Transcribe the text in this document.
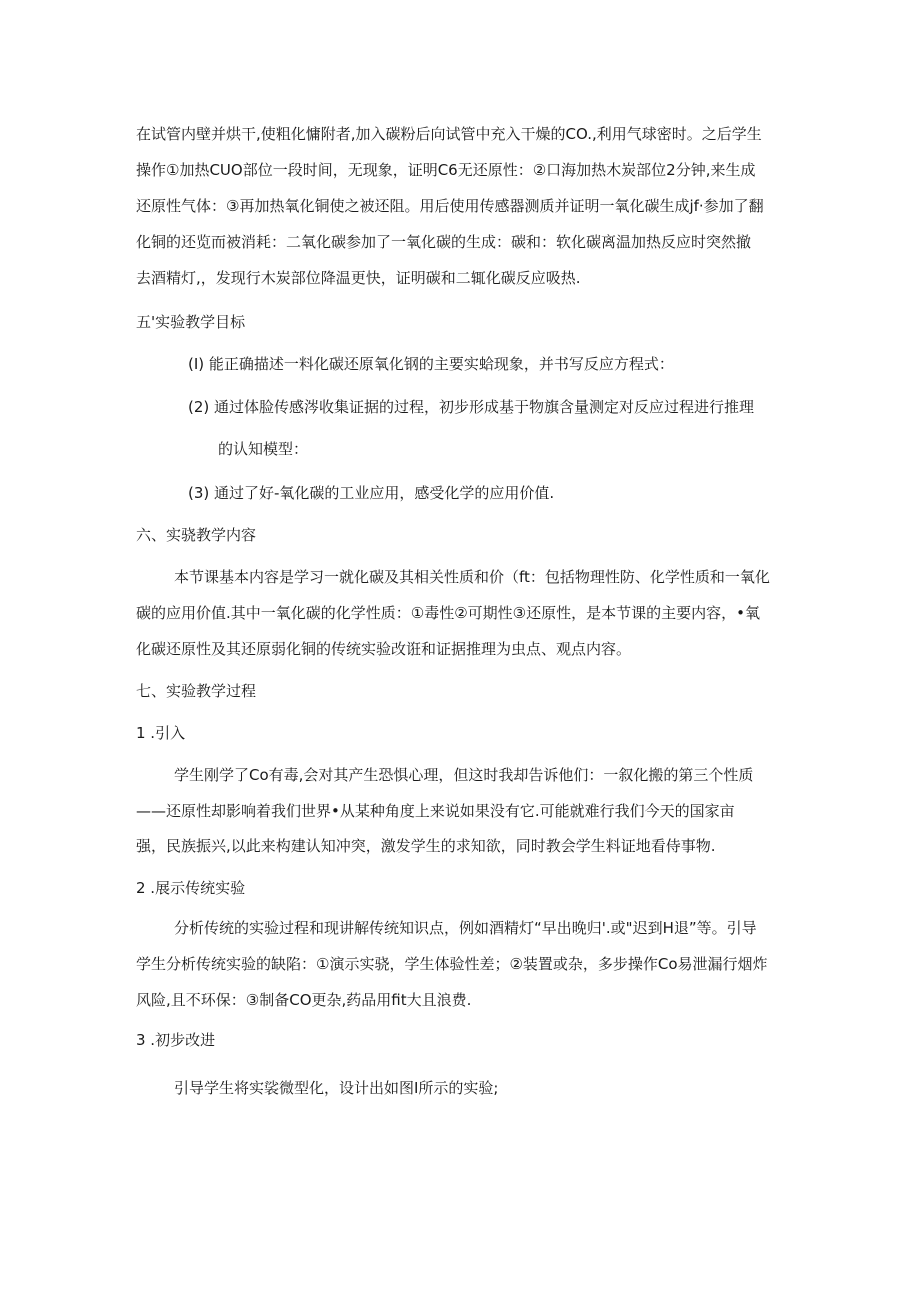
在试管内壁并烘干,使粗化慵附者,加入碳粉后向试管中充入干燥的CO.,利用气球密时。之后学生
操作①加热CUO部位一段时间，无现象，证明C6无还原性：②口海加热木炭部位2分钟,来生成
还原性气体：③再加热氧化铜使之被还阻。用后使用传感器测质并证明一氧化碳生成jf·参加了翻
化铜的还览而被消耗：二氧化碳参加了一氧化碳的生成：碳和：软化碳离温加热反应时突然撤
去酒精灯,，发现行木炭部位降温更快，证明碳和二辄化碳反应吸热.
五'实验教学目标
(I) 能正确描述一料化碳还原氧化钢的主要实蛤现象，并书写反应方程式：
(2) 通过体脸传感涔收集证据的过程，初步形成基于物旗含量测定对反应过程进行推理
的认知模型：
(3) 通过了好-氧化碳的工业应用，感受化学的应用价值.
六、实骁教学内容
本节课基本内容是学习一就化碳及其相关性质和价（ft：包括物理性防、化学性质和一氧化
碳的应用价值.其中一氧化碳的化学性质：①毒性②可期性③还原性，是本节课的主要内容，•氧
化碳还原性及其还原弱化铜的传统实验改诳和证据推理为虫点、观点内容。
七、实验教学过程
1 .引入
学生刚学了Co有毒,会对其产生恐惧心理，但这时我却告诉他们：一叙化搬的第三个性质
——还原性却影响着我们世界•从某种角度上来说如果没有它.可能就难行我们今天的国家亩
强，民族振兴,以此来构建认知冲突，激发学生的求知欲，同时教会学生料证地看侍事物.
2 .展示传统实验
分析传统的实验过程和现讲解传统知识点，例如酒精灯“早出晚归'.或"迟到H退”等。引导
学生分析传统实验的缺陷：①演示实骁，学生体验性差；②装置或杂，多步操作Co易泄漏行烟炸
风险,且不环保：③制备CO更杂,药品用fit大且浪费.
3 .初步改进
引导学生将实裟微型化，设计出如图I所示的实验;
